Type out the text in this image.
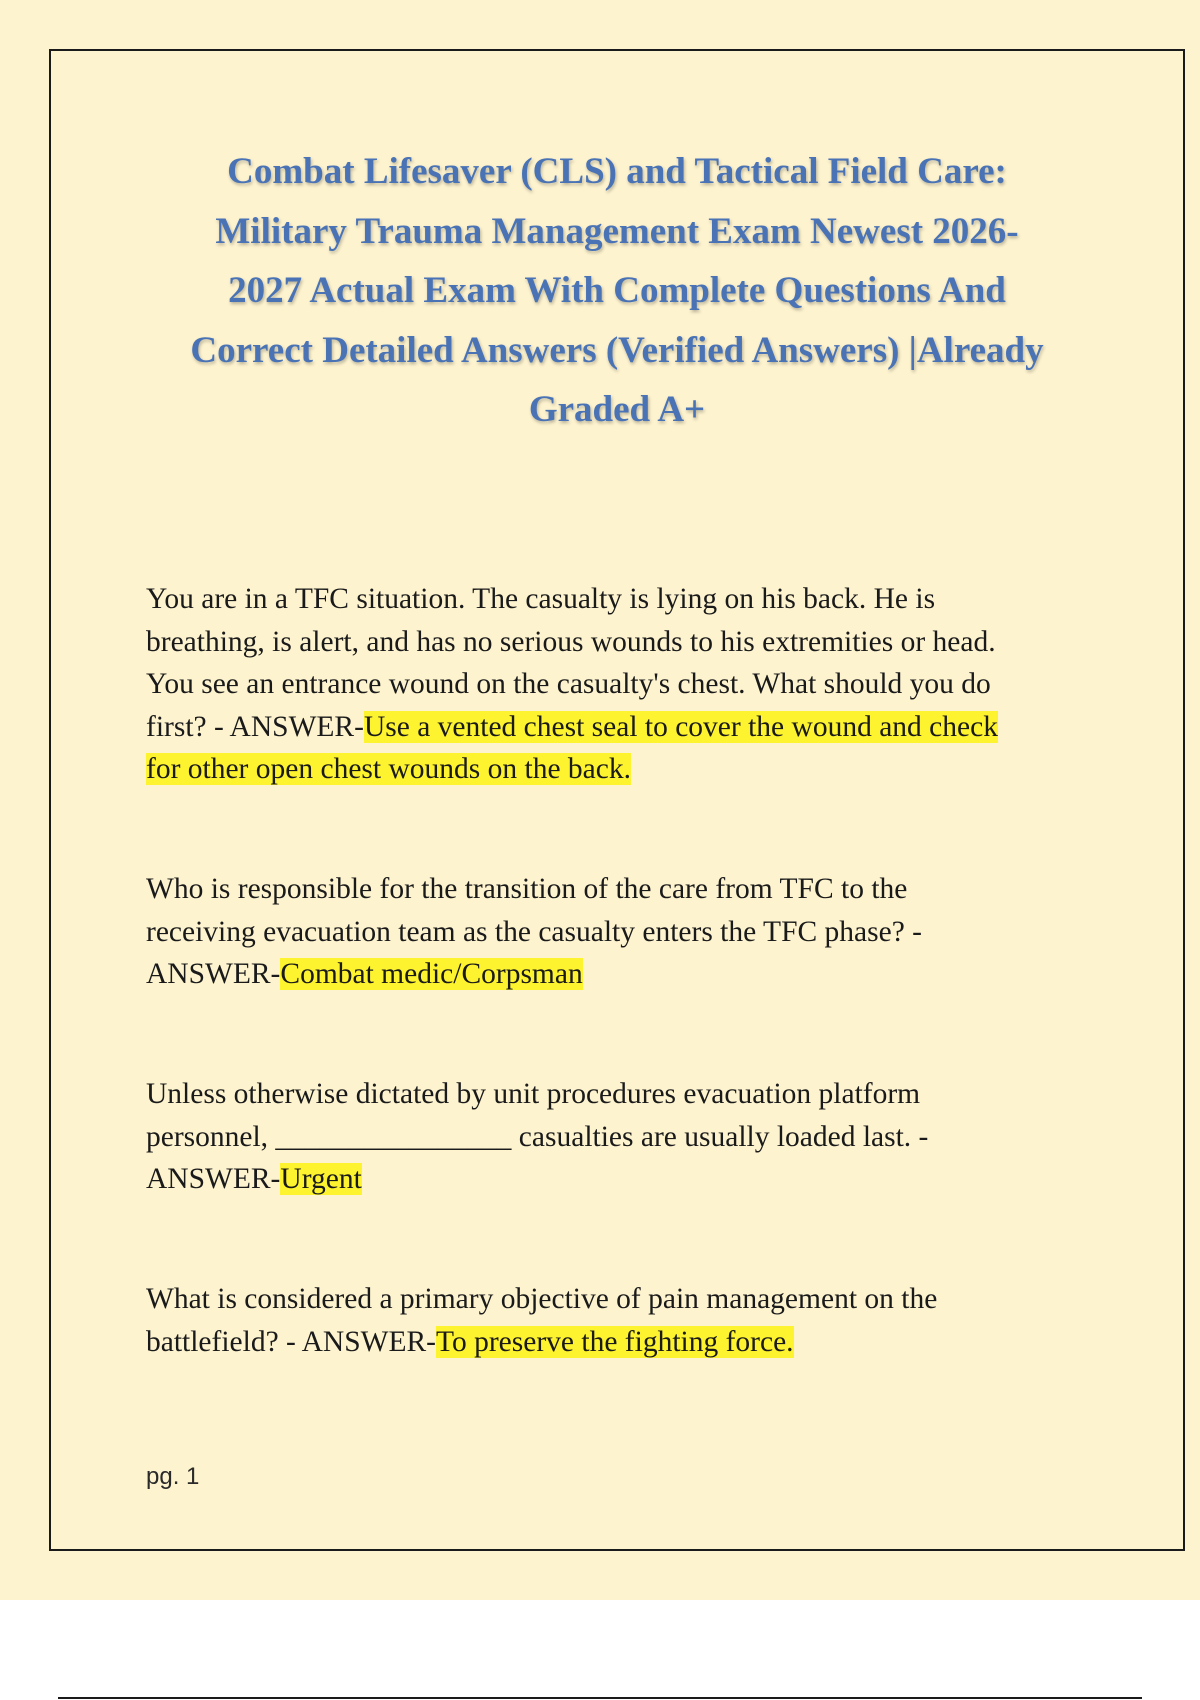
Combat Lifesaver (CLS) and Tactical Field Care:
Military Trauma Management Exam Newest 2026-
2027 Actual Exam With Complete Questions And
Correct Detailed Answers (Verified Answers) |Already
Graded A+

You are in a TFC situation. The casualty is lying on his back. He is
breathing, is alert, and has no serious wounds to his extremities or head.
You see an entrance wound on the casualty's chest. What should you do
first? - ANSWER-Use a vented chest seal to cover the wound and check
for other open chest wounds on the back.

Who is responsible for the transition of the care from TFC to the
receiving evacuation team as the casualty enters the TFC phase? -
ANSWER-Combat medic/Corpsman

Unless otherwise dictated by unit procedures evacuation platform
personnel, ________________ casualties are usually loaded last. -
ANSWER-Urgent

What is considered a primary objective of pain management on the
battlefield? - ANSWER-To preserve the fighting force.

pg. 1
